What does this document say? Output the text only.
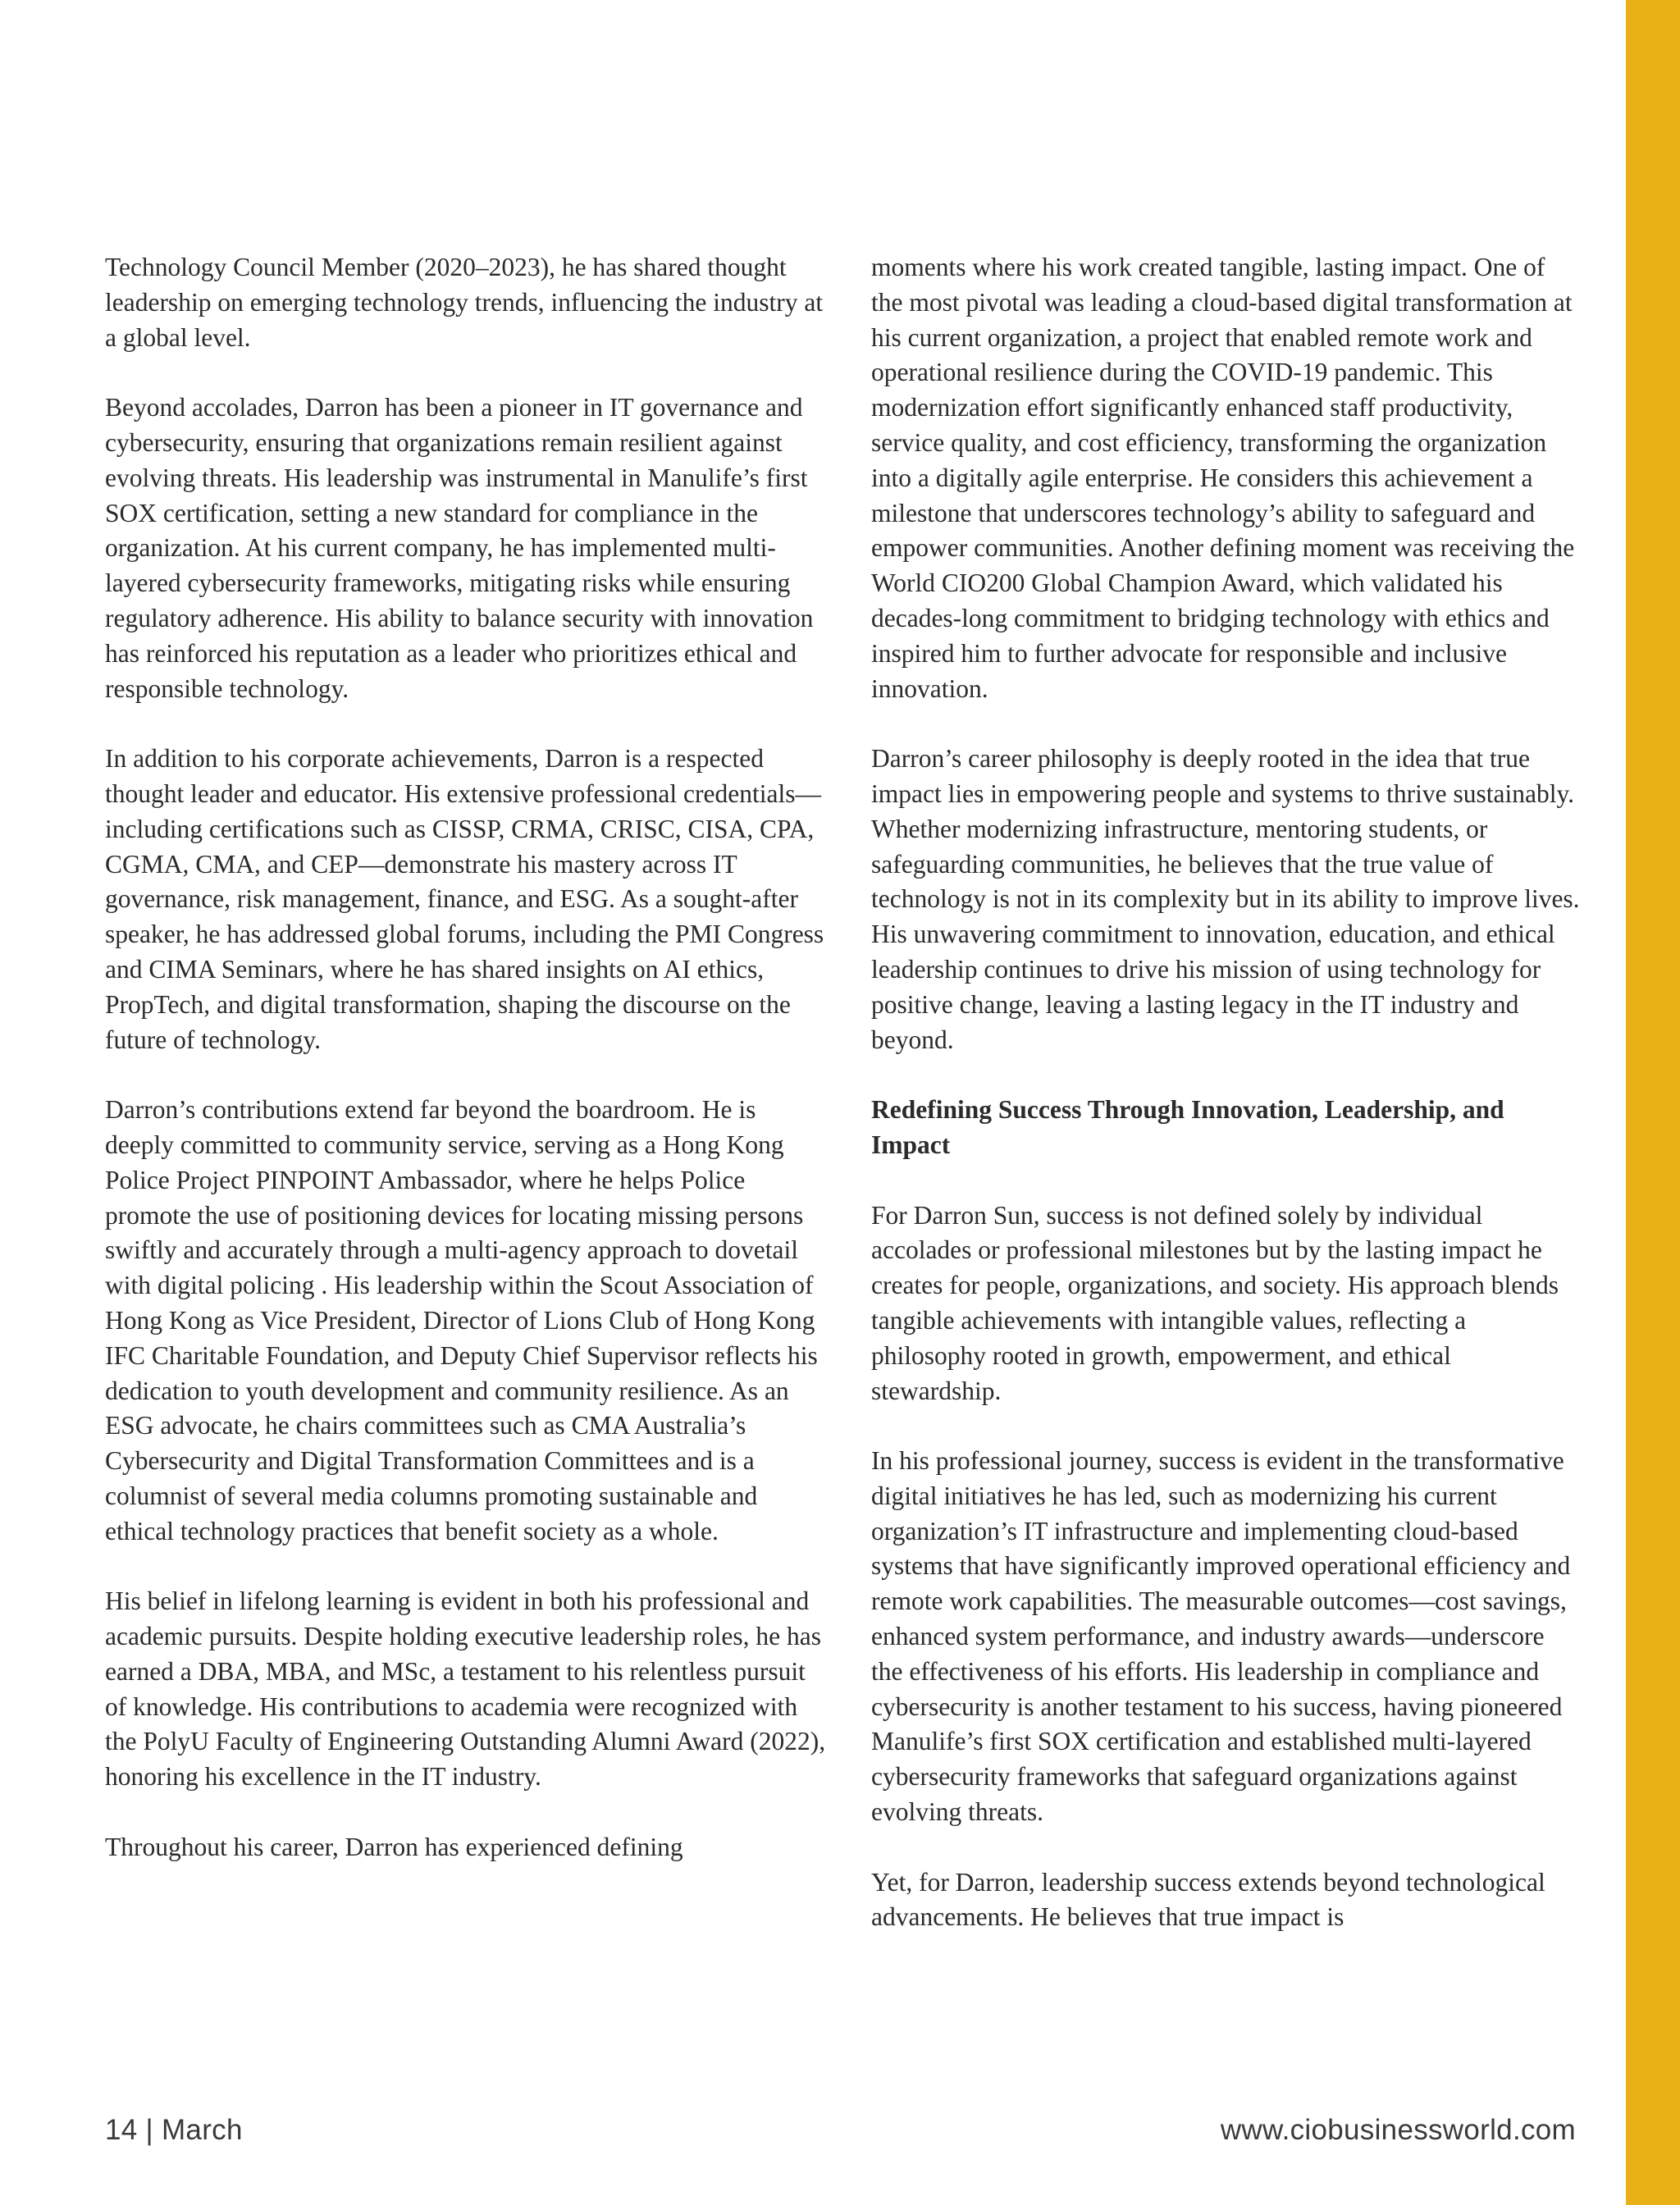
Technology Council Member (2020–2023), he has shared thought leadership on emerging technology trends, influencing the industry at a global level.

Beyond accolades, Darron has been a pioneer in IT governance and cybersecurity, ensuring that organizations remain resilient against evolving threats. His leadership was instrumental in Manulife’s first SOX certification, setting a new standard for compliance in the organization. At his current company, he has implemented multi-layered cybersecurity frameworks, mitigating risks while ensuring regulatory adherence. His ability to balance security with innovation has reinforced his reputation as a leader who prioritizes ethical and responsible technology.

In addition to his corporate achievements, Darron is a respected thought leader and educator. His extensive professional credentials—including certifications such as CISSP, CRMA, CRISC, CISA, CPA, CGMA, CMA, and CEP—demonstrate his mastery across IT governance, risk management, finance, and ESG. As a sought-after speaker, he has addressed global forums, including the PMI Congress and CIMA Seminars, where he has shared insights on AI ethics, PropTech, and digital transformation, shaping the discourse on the future of technology.

Darron’s contributions extend far beyond the boardroom. He is deeply committed to community service, serving as a Hong Kong Police Project PINPOINT Ambassador, where he helps Police promote the use of positioning devices for locating missing persons swiftly and accurately through a multi-agency approach to dovetail with digital policing . His leadership within the Scout Association of Hong Kong as Vice President, Director of Lions Club of Hong Kong IFC Charitable Foundation, and Deputy Chief Supervisor reflects his dedication to youth development and community resilience. As an ESG advocate, he chairs committees such as CMA Australia’s Cybersecurity and Digital Transformation Committees and is a columnist of several media columns promoting sustainable and ethical technology practices that benefit society as a whole.

His belief in lifelong learning is evident in both his professional and academic pursuits. Despite holding executive leadership roles, he has earned a DBA, MBA, and MSc, a testament to his relentless pursuit of knowledge. His contributions to academia were recognized with the PolyU Faculty of Engineering Outstanding Alumni Award (2022), honoring his excellence in the IT industry.

Throughout his career, Darron has experienced defining

moments where his work created tangible, lasting impact. One of the most pivotal was leading a cloud-based digital transformation at his current organization, a project that enabled remote work and operational resilience during the COVID-19 pandemic. This modernization effort significantly enhanced staff productivity, service quality, and cost efficiency, transforming the organization into a digitally agile enterprise. He considers this achievement a milestone that underscores technology’s ability to safeguard and empower communities. Another defining moment was receiving the World CIO200 Global Champion Award, which validated his decades-long commitment to bridging technology with ethics and inspired him to further advocate for responsible and inclusive innovation.

Darron’s career philosophy is deeply rooted in the idea that true impact lies in empowering people and systems to thrive sustainably. Whether modernizing infrastructure, mentoring students, or safeguarding communities, he believes that the true value of technology is not in its complexity but in its ability to improve lives. His unwavering commitment to innovation, education, and ethical leadership continues to drive his mission of using technology for positive change, leaving a lasting legacy in the IT industry and beyond.

Redefining Success Through Innovation, Leadership, and Impact

For Darron Sun, success is not defined solely by individual accolades or professional milestones but by the lasting impact he creates for people, organizations, and society. His approach blends tangible achievements with intangible values, reflecting a philosophy rooted in growth, empowerment, and ethical stewardship.

In his professional journey, success is evident in the transformative digital initiatives he has led, such as modernizing his current organization’s IT infrastructure and implementing cloud-based systems that have significantly improved operational efficiency and remote work capabilities. The measurable outcomes—cost savings, enhanced system performance, and industry awards—underscore the effectiveness of his efforts. His leadership in compliance and cybersecurity is another testament to his success, having pioneered Manulife’s first SOX certification and established multi-layered cybersecurity frameworks that safeguard organizations against evolving threats.

Yet, for Darron, leadership success extends beyond technological advancements. He believes that true impact is

14 | March	www.ciobusinessworld.com
